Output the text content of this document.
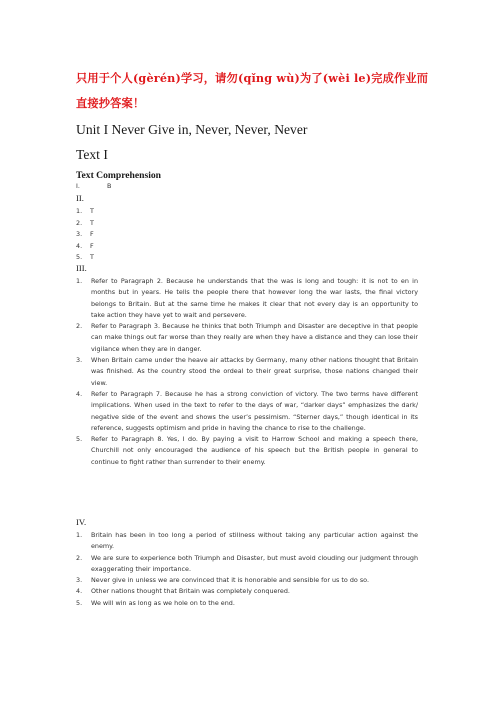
只用于个人(gèrén)学习，请勿(qǐng wù)为了(wèi le)完成作业而直接抄答案！
Unit I Never Give in, Never, Never, Never
Text I
Text Comprehension
I.	B
II.
1. T
2. T
3. F
4. F
5. T
III.
1. Refer to Paragraph 2. Because he understands that the was is long and tough: it is not to en in months but in years. He tells the people there that however long the war lasts, the final victory belongs to Britain. But at the same time he makes it clear that not every day is an opportunity to take action they have yet to wait and persevere.
2. Refer to Paragraph 3. Because he thinks that both Triumph and Disaster are deceptive in that people can make things out far worse than they really are when they have a distance and they can lose their vigilance when they are in danger.
3. When Britain came under the heave air attacks by Germany, many other nations thought that Britain was finished. As the country stood the ordeal to their great surprise, those nations changed their view.
4. Refer to Paragraph 7. Because he has a strong conviction of victory. The two terms have different implications. When used in the text to refer to the days of war, “darker days” emphasizes the dark/ negative side of the event and shows the user’s pessimism. “Sterner days,” though identical in its reference, suggests optimism and pride in having the chance to rise to the challenge.
5. Refer to Paragraph 8. Yes, I do. By paying a visit to Harrow School and making a speech there, Churchill not only encouraged the audience of his speech but the British people in general to continue to fight rather than surrender to their enemy.
IV.
1. Britain has been in too long a period of stillness without taking any particular action against the enemy.
2. We are sure to experience both Triumph and Disaster, but must avoid clouding our judgment through exaggerating their importance.
3. Never give in unless we are convinced that it is honorable and sensible for us to do so.
4. Other nations thought that Britain was completely conquered.
5. We will win as long as we hole on to the end.
